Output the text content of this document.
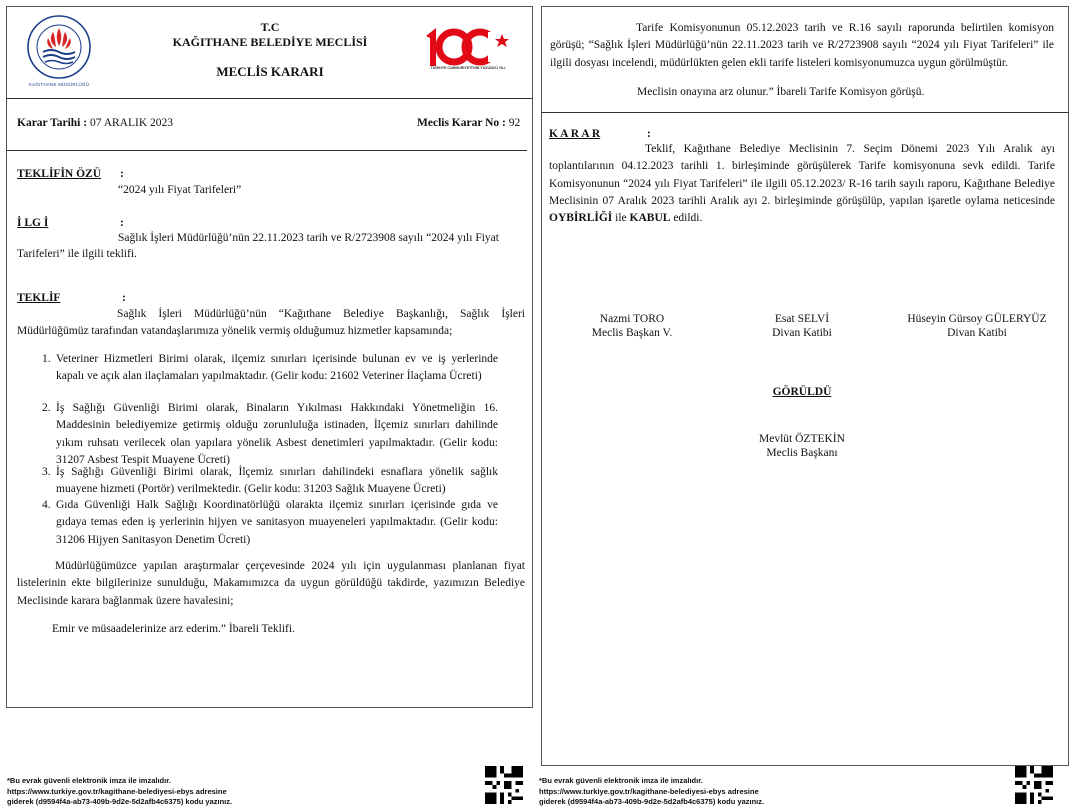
KAĞITHANE MÜDÜRLÜĞÜ
TÜRKİYE CUMHURİYETİ'NİN YÜZÜNCÜ YILI
T.C
KAĞITHANE BELEDİYE MECLİSİ
MECLİS KARARI
Karar Tarihi : 07 ARALIK 2023	Meclis Karar No : 92
TEKLİFİN ÖZÜ :
“2024 yılı Fiyat Tarifeleri”
İ LG İ	:
Sağlık İşleri Müdürlüğü’nün 22.11.2023 tarih ve R/2723908 sayılı “2024 yılı Fiyat
Tarifeleri” ile ilgili teklifi.
TEKLİF	:
Sağlık İşleri Müdürlüğü’nün “Kağıthane Belediye Başkanlığı, Sağlık İşleri Müdürlüğümüz tarafından vatandaşlarımıza yönelik vermiş olduğumuz hizmetler kapsamında;
1. Veteriner Hizmetleri Birimi olarak, ilçemiz sınırları içerisinde bulunan ev ve iş yerlerinde kapalı ve açık alan ilaçlamaları yapılmaktadır. (Gelir kodu: 21602 Veteriner İlaçlama Ücreti)
2. İş Sağlığı Güvenliği Birimi olarak, Binaların Yıkılması Hakkındaki Yönetmeliğin 16. Maddesinin belediyemize getirmiş olduğu zorunluluğa istinaden, İlçemiz sınırları dahilinde yıkım ruhsatı verilecek olan yapılara yönelik Asbest denetimleri yapılmaktadır. (Gelir kodu: 31207 Asbest Tespit Muayene Ücreti)
3. İş Sağlığı Güvenliği Birimi olarak, İlçemiz sınırları dahilindeki esnaflara yönelik sağlık muayene hizmeti (Portör) verilmektedir. (Gelir kodu: 31203 Sağlık Muayene Ücreti)
4. Gıda Güvenliği Halk Sağlığı Koordinatörlüğü olarakta ilçemiz sınırları içerisinde gıda ve gıdaya temas eden iş yerlerinin hijyen ve sanitasyon muayeneleri yapılmaktadır. (Gelir kodu: 31206 Hijyen Sanitasyon Denetim Ücreti)
Müdürlüğümüzce yapılan araştırmalar çerçevesinde 2024 yılı için uygulanması planlanan fiyat listelerinin ekte bilgilerinize sunulduğu, Makamımızca da uygun görüldüğü takdirde, yazımızın Belediye Meclisinde karara bağlanmak üzere havalesini;
Emir ve müsaadelerinize arz ederim.” İbareli Teklifi.
*Bu evrak güvenli elektronik imza ile imzalıdır.
https://www.turkiye.gov.tr/kagithane-belediyesi-ebys adresine
giderek (d9594f4a-ab73-409b-9d2e-5d2afb4c6375) kodu yazınız.
Tarife Komisyonunun 05.12.2023 tarih ve R.16 sayılı raporunda belirtilen komisyon görüşü; “Sağlık İşleri Müdürlüğü’nün 22.11.2023 tarih ve R/2723908 sayılı “2024 yılı Fiyat Tarifeleri” ile ilgili dosyası incelendi, müdürlükten gelen ekli tarife listeleri komisyonumuzca uygun görülmüştür.
Meclisin onayına arz olunur.” İbareli Tarife Komisyon görüşü.
K A R A R	:
Teklif, Kağıthane Belediye Meclisinin 7. Seçim Dönemi 2023 Yılı Aralık ayı toplantılarının 04.12.2023 tarihli 1. birleşiminde görüşülerek Tarife komisyonuna sevk edildi. Tarife Komisyonunun “2024 yılı Fiyat Tarifeleri” ile ilgili 05.12.2023/ R-16 tarih sayılı raporu, Kağıthane Belediye Meclisinin 07 Aralık 2023 tarihli Aralık ayı 2. birleşiminde görüşülüp, yapılan işaretle oylama neticesinde OYBİRLİĞİ ile KABUL edildi.
Nazmi TORO
Meclis Başkan V.
Esat SELVİ
Divan Katibi
Hüseyin Gürsoy GÜLERYÜZ
Divan Katibi
GÖRÜLDÜ
Mevlüt ÖZTEKİN
Meclis Başkanı
*Bu evrak güvenli elektronik imza ile imzalıdır.
https://www.turkiye.gov.tr/kagithane-belediyesi-ebys adresine
giderek (d9594f4a-ab73-409b-9d2e-5d2afb4c6375) kodu yazınız.
